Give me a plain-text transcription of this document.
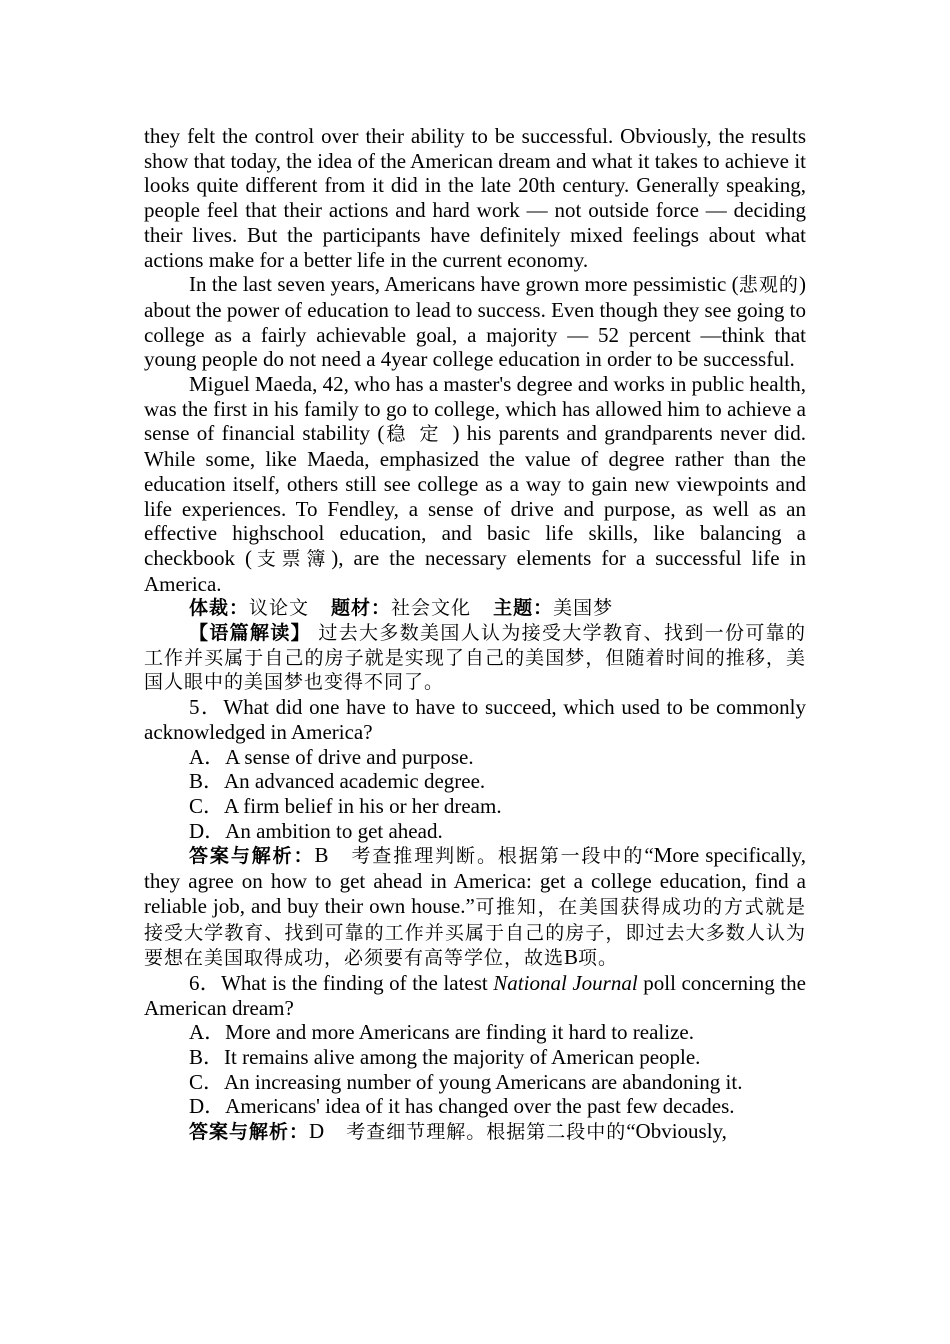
they felt the control over their ability to be successful. Obviously, the results show that today, the idea of the American dream and what it takes to achieve it looks quite different from it did in the late 20th century. Generally speaking, people feel that their actions and hard work — not outside force — deciding their lives. But the participants have definitely mixed feelings about what actions make for a better life in the current economy.

In the last seven years, Americans have grown more pessimistic (悲观的) about the power of education to lead to success. Even though they see going to college as a fairly achievable goal, a majority — 52 percent —think that young people do not need a 4year college education in order to be successful.

Miguel Maeda, 42, who has a master's degree and works in public health, was the first in his family to go to college, which has allowed him to achieve a sense of financial stability (稳定) his parents and grandparents never did. While some, like Maeda, emphasized the value of degree rather than the education itself, others still see college as a way to gain new viewpoints and life experiences. To Fendley, a sense of drive and purpose, as well as an effective highschool education, and basic life skills, like balancing a checkbook (支票簿), are the necessary elements for a successful life in America.

体裁：议论文 题材：社会文化 主题：美国梦

【语篇解读】 过去大多数美国人认为接受大学教育、找到一份可靠的工作并买属于自己的房子就是实现了自己的美国梦，但随着时间的推移，美国人眼中的美国梦也变得不同了。

5．What did one have to have to succeed, which used to be commonly acknowledged in America?

A．A sense of drive and purpose.

B．An advanced academic degree.

C．A firm belief in his or her dream.

D．An ambition to get ahead.

答案与解析：B 考查推理判断。根据第一段中的“More specifically, they agree on how to get ahead in America: get a college education, find a reliable job, and buy their own house.”可推知，在美国获得成功的方式就是接受大学教育、找到可靠的工作并买属于自己的房子，即过去大多数人认为要想在美国取得成功，必须要有高等学位，故选B项。

6．What is the finding of the latest National Journal poll concerning the American dream?

A．More and more Americans are finding it hard to realize.

B．It remains alive among the majority of American people.

C．An increasing number of young Americans are abandoning it.

D．Americans' idea of it has changed over the past few decades.

答案与解析：D 考查细节理解。根据第二段中的“Obviously,
